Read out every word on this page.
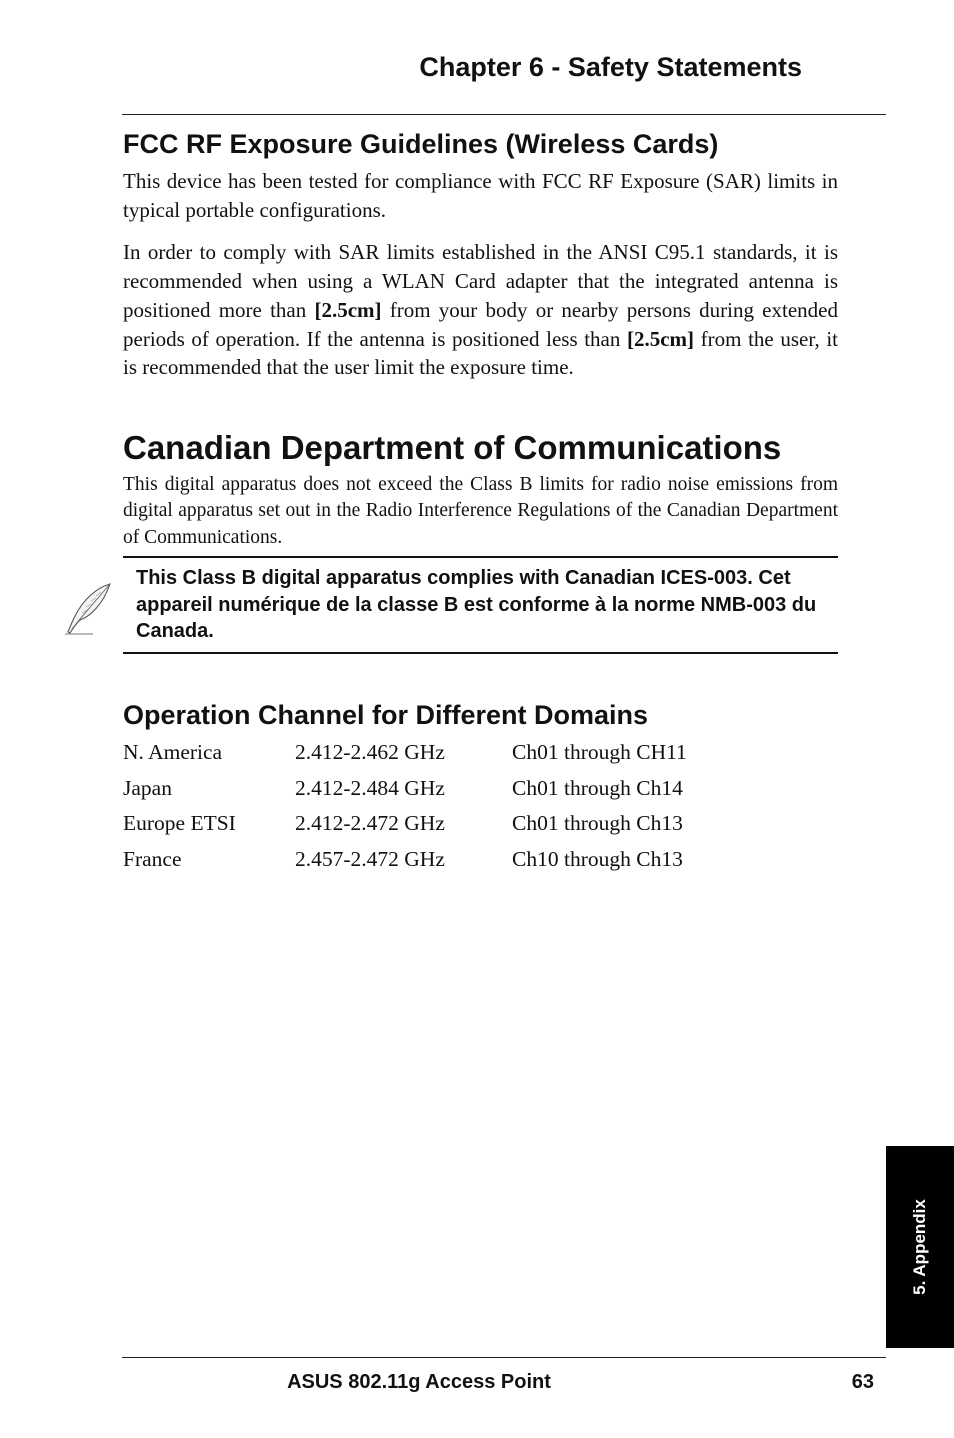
Chapter 6 - Safety Statements
FCC RF Exposure Guidelines (Wireless Cards)

This device has been tested for compliance with FCC RF Exposure (SAR) limits in typical portable configurations.

In order to comply with SAR limits established in the ANSI C95.1 standards, it is recommended when using a WLAN Card adapter that the integrated antenna is positioned more than [2.5cm] from your body or nearby persons during extended periods of operation. If the antenna is positioned less than [2.5cm] from the user, it is recommended that the user limit the exposure time.

Canadian Department of Communications

This digital apparatus does not exceed the Class B limits for radio noise emissions from digital apparatus set out in the Radio Interference Regulations of the Canadian Department of Communications.

This Class B digital apparatus complies with Canadian ICES-003. Cet appareil numérique de la classe B est conforme à la norme NMB-003 du Canada.
Operation Channel for Different Domains
N. America	2.412-2.462 GHz	Ch01 through CH11
Japan	2.412-2.484 GHz	Ch01 through Ch14
Europe ETSI	2.412-2.472 GHz	Ch01 through Ch13
France	2.457-2.472 GHz	Ch10 through Ch13
5. Appendix
ASUS 802.11g Access Point	63
